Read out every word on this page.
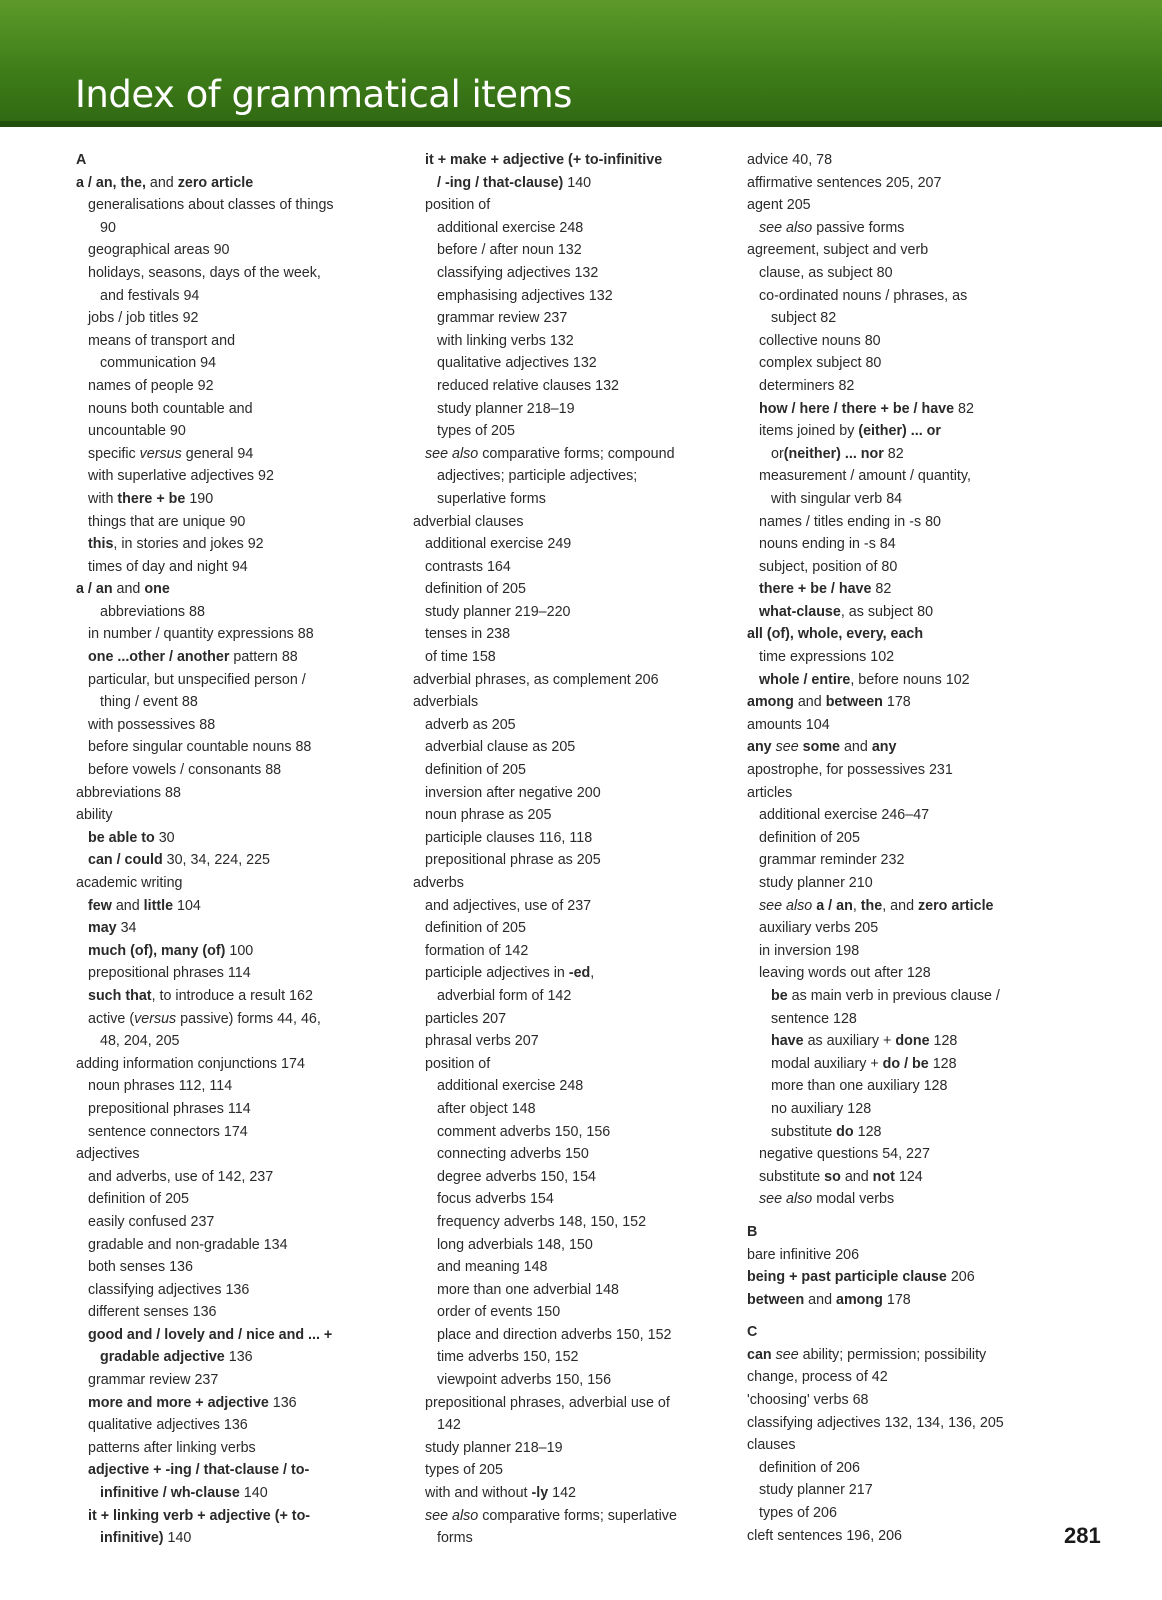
Index of grammatical items
A
a / an, the, and zero article
generalisations about classes of things
90
geographical areas 90
holidays, seasons, days of the week,
and festivals 94
jobs / job titles 92
means of transport and
communication 94
names of people 92
nouns both countable and
uncountable 90
specific versus general 94
with superlative adjectives 92
with there + be 190
things that are unique 90
this, in stories and jokes 92
times of day and night 94
a / an and one
abbreviations 88
in number / quantity expressions 88
one ...other / another pattern 88
particular, but unspecified person /
thing / event 88
with possessives 88
before singular countable nouns 88
before vowels / consonants 88
abbreviations 88
ability
be able to 30
can / could 30, 34, 224, 225
academic writing
few and little 104
may 34
much (of), many (of) 100
prepositional phrases 114
such that, to introduce a result 162
active (versus passive) forms 44, 46,
48, 204, 205
adding information conjunctions 174
noun phrases 112, 114
prepositional phrases 114
sentence connectors 174
adjectives
and adverbs, use of 142, 237
definition of 205
easily confused 237
gradable and non-gradable 134
both senses 136
classifying adjectives 136
different senses 136
good and / lovely and / nice and ... +
gradable adjective 136
grammar review 237
more and more + adjective 136
qualitative adjectives 136
patterns after linking verbs
adjective + -ing / that-clause / to-
infinitive / wh-clause 140
it + linking verb + adjective (+ to-
infinitive) 140
it + make + adjective (+ to-infinitive
/ -ing / that-clause) 140
position of
additional exercise 248
before / after noun 132
classifying adjectives 132
emphasising adjectives 132
grammar review 237
with linking verbs 132
qualitative adjectives 132
reduced relative clauses 132
study planner 218–19
types of 205
see also comparative forms; compound
adjectives; participle adjectives;
superlative forms
adverbial clauses
additional exercise 249
contrasts 164
definition of 205
study planner 219–220
tenses in 238
of time 158
adverbial phrases, as complement 206
adverbials
adverb as 205
adverbial clause as 205
definition of 205
inversion after negative 200
noun phrase as 205
participle clauses 116, 118
prepositional phrase as 205
adverbs
and adjectives, use of 237
definition of 205
formation of 142
participle adjectives in -ed,
adverbial form of 142
particles 207
phrasal verbs 207
position of
additional exercise 248
after object 148
comment adverbs 150, 156
connecting adverbs 150
degree adverbs 150, 154
focus adverbs 154
frequency adverbs 148, 150, 152
long adverbials 148, 150
and meaning 148
more than one adverbial 148
order of events 150
place and direction adverbs 150, 152
time adverbs 150, 152
viewpoint adverbs 150, 156
prepositional phrases, adverbial use of
142
study planner 218–19
types of 205
with and without -ly 142
see also comparative forms; superlative
forms
advice 40, 78
affirmative sentences 205, 207
agent 205
see also passive forms
agreement, subject and verb
clause, as subject 80
co-ordinated nouns / phrases, as
subject 82
collective nouns 80
complex subject 80
determiners 82
how / here / there + be / have 82
items joined by (either) ... or
or(neither) ... nor 82
measurement / amount / quantity,
with singular verb 84
names / titles ending in -s 80
nouns ending in -s 84
subject, position of 80
there + be / have 82
what-clause, as subject 80
all (of), whole, every, each
time expressions 102
whole / entire, before nouns 102
among and between 178
amounts 104
any see some and any
apostrophe, for possessives 231
articles
additional exercise 246–47
definition of 205
grammar reminder 232
study planner 210
see also a / an, the, and zero article
auxiliary verbs 205
in inversion 198
leaving words out after 128
be as main verb in previous clause /
sentence 128
have as auxiliary + done 128
modal auxiliary + do / be 128
more than one auxiliary 128
no auxiliary 128
substitute do 128
negative questions 54, 227
substitute so and not 124
see also modal verbs
B
bare infinitive 206
being + past participle clause 206
between and among 178
C
can see ability; permission; possibility
change, process of 42
'choosing' verbs 68
classifying adjectives 132, 134, 136, 205
clauses
definition of 206
study planner 217
types of 206
cleft sentences 196, 206	281
